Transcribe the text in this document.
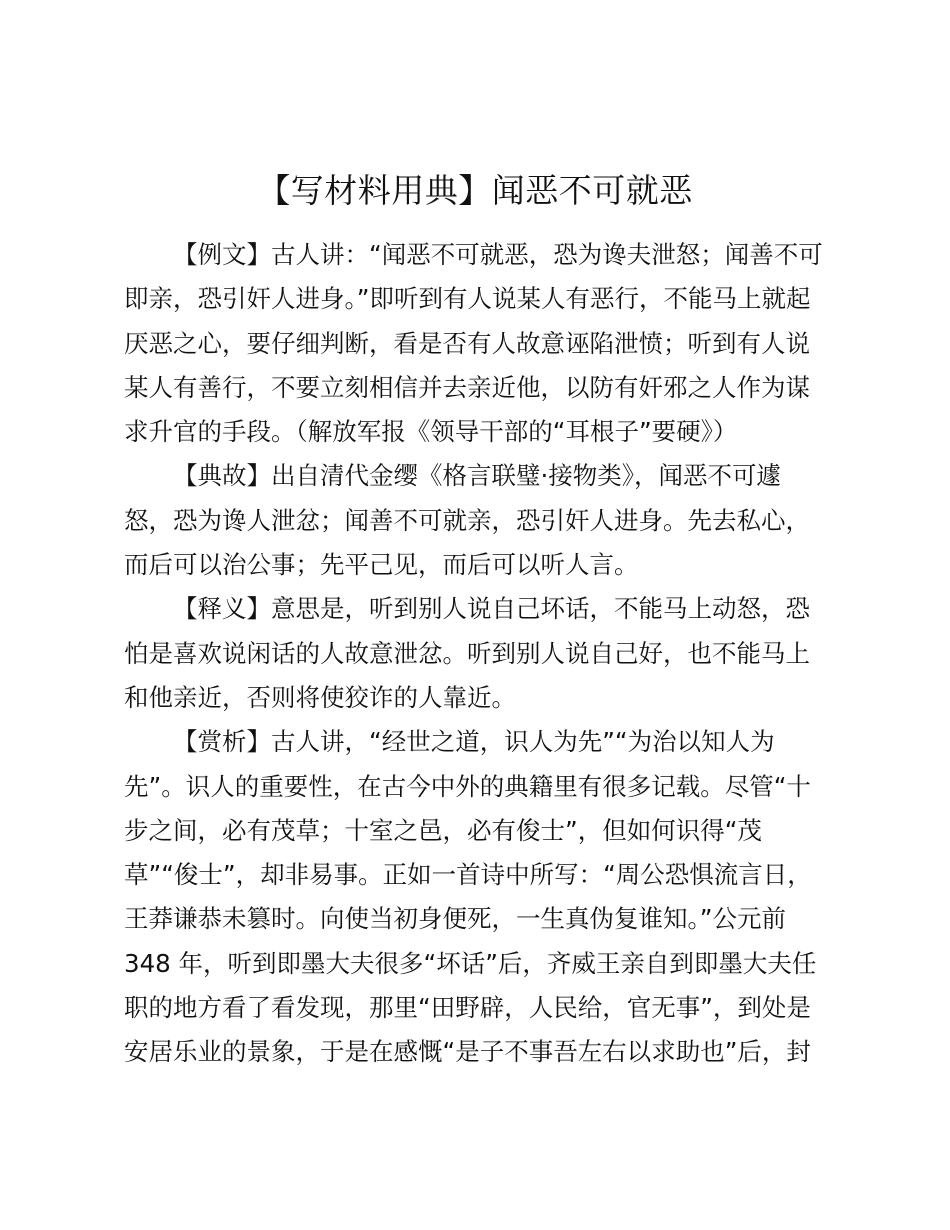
【写材料用典】闻恶不可就恶
【例文】古人讲：“闻恶不可就恶，恐为谗夫泄怒；闻善不可
即亲，恐引奸人进身。”即听到有人说某人有恶行，不能马上就起
厌恶之心，要仔细判断，看是否有人故意诬陷泄愤；听到有人说
某人有善行，不要立刻相信并去亲近他，以防有奸邪之人作为谋
求升官的手段。（解放军报《领导干部的“耳根子”要硬》）
【典故】出自清代金缨《格言联璧·接物类》，闻恶不可遽
怒，恐为谗人泄忿；闻善不可就亲，恐引奸人进身。先去私心，
而后可以治公事；先平己见，而后可以听人言。
【释义】意思是，听到别人说自己坏话，不能马上动怒，恐
怕是喜欢说闲话的人故意泄忿。听到别人说自己好，也不能马上
和他亲近，否则将使狡诈的人靠近。
【赏析】古人讲，“经世之道，识人为先”“为治以知人为
先”。识人的重要性，在古今中外的典籍里有很多记载。尽管“十
步之间，必有茂草；十室之邑，必有俊士”，但如何识得“茂
草”“俊士”，却非易事。正如一首诗中所写：“周公恐惧流言日，
王莽谦恭未篡时。向使当初身便死，一生真伪复谁知。”公元前
348 年，听到即墨大夫很多“坏话”后，齐威王亲自到即墨大夫任
职的地方看了看发现，那里“田野辟，人民给，官无事”，到处是
安居乐业的景象，于是在感慨“是子不事吾左右以求助也”后，封
